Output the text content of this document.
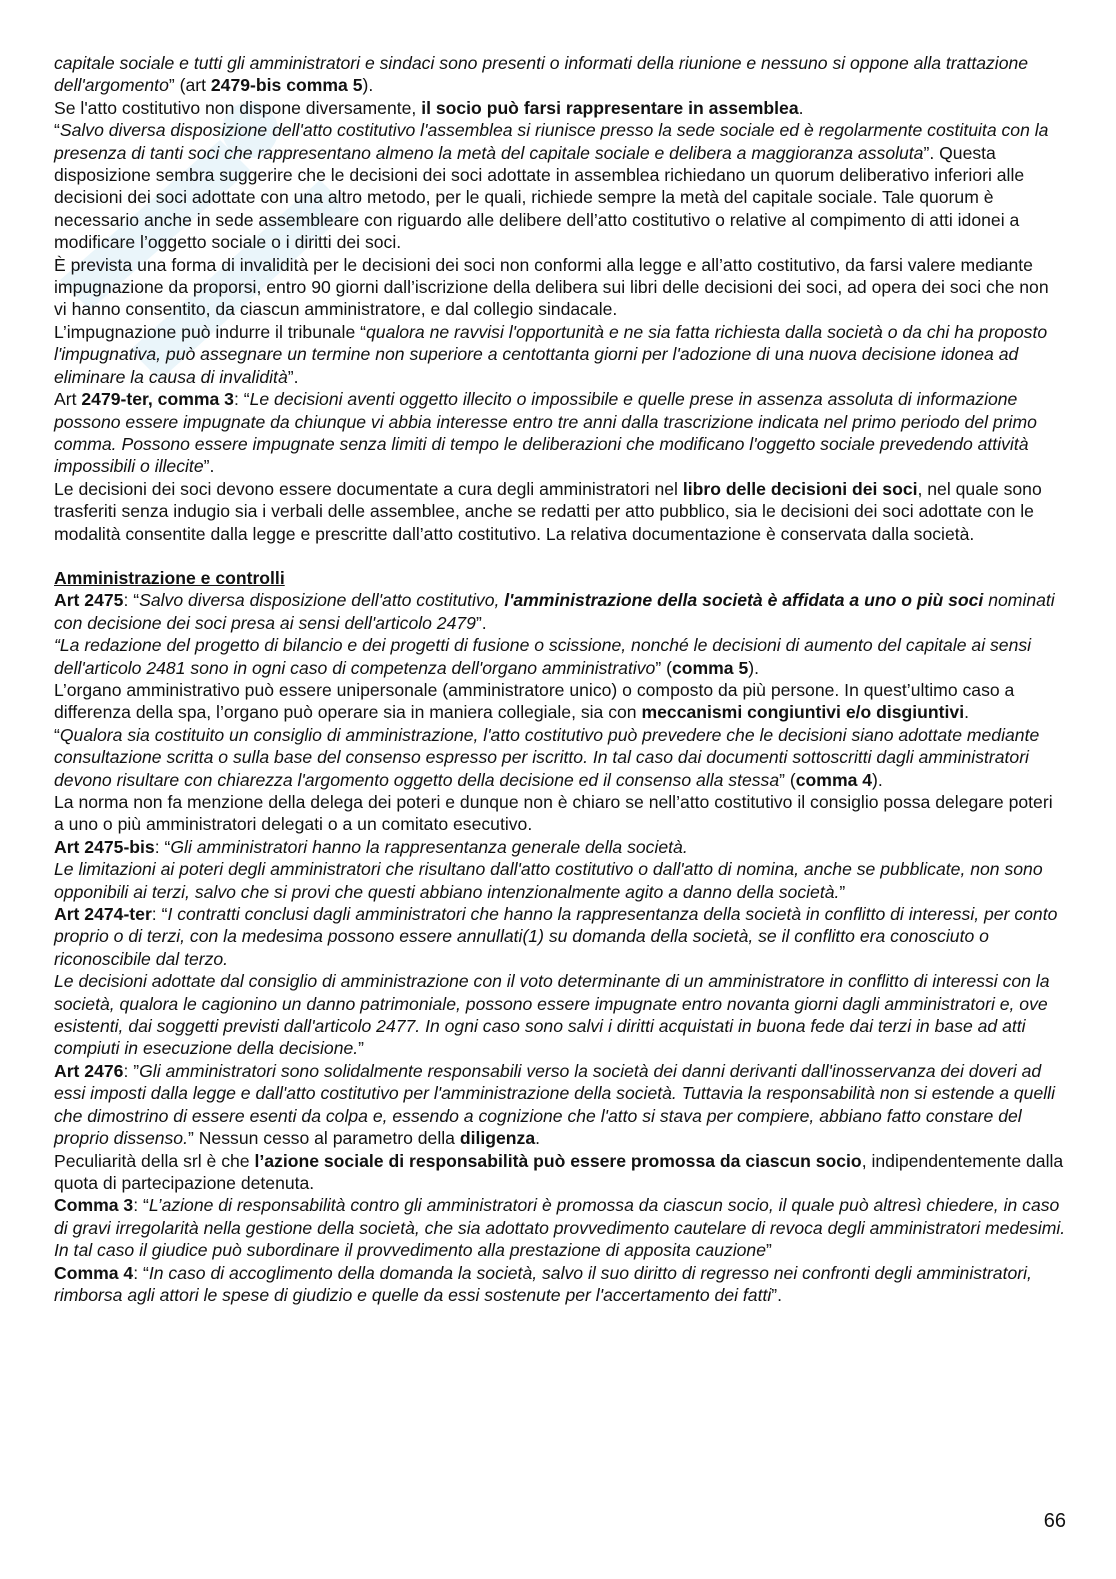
capitale sociale e tutti gli amministratori e sindaci sono presenti o informati della riunione e nessuno si oppone alla trattazione dell'argomento” (art 2479-bis comma 5).

Se l'atto costitutivo non dispone diversamente, il socio può farsi rappresentare in assemblea.

“Salvo diversa disposizione dell'atto costitutivo l'assemblea si riunisce presso la sede sociale ed è regolarmente costituita con la presenza di tanti soci che rappresentano almeno la metà del capitale sociale e delibera a maggioranza assoluta”. Questa disposizione sembra suggerire che le decisioni dei soci adottate in assemblea richiedano un quorum deliberativo inferiori alle decisioni dei soci adottate con una altro metodo, per le quali, richiede sempre la metà del capitale sociale. Tale quorum è necessario anche in sede assembleare con riguardo alle delibere dell’atto costitutivo o relative al compimento di atti idonei a modificare l’oggetto sociale o i diritti dei soci.

È prevista una forma di invalidità per le decisioni dei soci non conformi alla legge e all’atto costitutivo, da farsi valere mediante impugnazione da proporsi, entro 90 giorni dall’iscrizione della delibera sui libri delle decisioni dei soci, ad opera dei soci che non vi hanno consentito, da ciascun amministratore, e dal collegio sindacale.

L’impugnazione può indurre il tribunale “qualora ne ravvisi l'opportunità e ne sia fatta richiesta dalla società o da chi ha proposto l'impugnativa, può assegnare un termine non superiore a centottanta giorni per l'adozione di una nuova decisione idonea ad eliminare la causa di invalidità”.

Art 2479-ter, comma 3: “Le decisioni aventi oggetto illecito o impossibile e quelle prese in assenza assoluta di informazione possono essere impugnate da chiunque vi abbia interesse entro tre anni dalla trascrizione indicata nel primo periodo del primo comma. Possono essere impugnate senza limiti di tempo le deliberazioni che modificano l'oggetto sociale prevedendo attività impossibili o illecite”.

Le decisioni dei soci devono essere documentate a cura degli amministratori nel libro delle decisioni dei soci, nel quale sono trasferiti senza indugio sia i verbali delle assemblee, anche se redatti per atto pubblico, sia le decisioni dei soci adottate con le modalità consentite dalla legge e prescritte dall’atto costitutivo. La relativa documentazione è conservata dalla società.

Amministrazione e controlli

Art 2475: “Salvo diversa disposizione dell'atto costitutivo, l'amministrazione della società è affidata a uno o più soci nominati con decisione dei soci presa ai sensi dell'articolo 2479”.

“La redazione del progetto di bilancio e dei progetti di fusione o scissione, nonché le decisioni di aumento del capitale ai sensi dell'articolo 2481 sono in ogni caso di competenza dell'organo amministrativo” (comma 5).

L’organo amministrativo può essere unipersonale (amministratore unico) o composto da più persone. In quest’ultimo caso a differenza della spa, l’organo può operare sia in maniera collegiale, sia con meccanismi congiuntivi e/o disgiuntivi.

“Qualora sia costituito un consiglio di amministrazione, l'atto costitutivo può prevedere che le decisioni siano adottate mediante consultazione scritta o sulla base del consenso espresso per iscritto. In tal caso dai documenti sottoscritti dagli amministratori devono risultare con chiarezza l'argomento oggetto della decisione ed il consenso alla stessa” (comma 4).

La norma non fa menzione della delega dei poteri e dunque non è chiaro se nell’atto costitutivo il consiglio possa delegare poteri a uno o più amministratori delegati o a un comitato esecutivo.

Art 2475-bis: “Gli amministratori hanno la rappresentanza generale della società.

Le limitazioni ai poteri degli amministratori che risultano dall'atto costitutivo o dall'atto di nomina, anche se pubblicate, non sono opponibili ai terzi, salvo che si provi che questi abbiano intenzionalmente agito a danno della società.”

Art 2474-ter: “I contratti conclusi dagli amministratori che hanno la rappresentanza della società in conflitto di interessi, per conto proprio o di terzi, con la medesima possono essere annullati(1) su domanda della società, se il conflitto era conosciuto o riconoscibile dal terzo.

Le decisioni adottate dal consiglio di amministrazione con il voto determinante di un amministratore in conflitto di interessi con la società, qualora le cagionino un danno patrimoniale, possono essere impugnate entro novanta giorni dagli amministratori e, ove esistenti, dai soggetti previsti dall'articolo 2477. In ogni caso sono salvi i diritti acquistati in buona fede dai terzi in base ad atti compiuti in esecuzione della decisione.”

Art 2476: ”Gli amministratori sono solidalmente responsabili verso la società dei danni derivanti dall'inosservanza dei doveri ad essi imposti dalla legge e dall'atto costitutivo per l'amministrazione della società. Tuttavia la responsabilità non si estende a quelli che dimostrino di essere esenti da colpa e, essendo a cognizione che l'atto si stava per compiere, abbiano fatto constare del proprio dissenso.” Nessun cesso al parametro della diligenza.

Peculiarità della srl è che l’azione sociale di responsabilità può essere promossa da ciascun socio, indipendentemente dalla quota di partecipazione detenuta.

Comma 3: “L’azione di responsabilità contro gli amministratori è promossa da ciascun socio, il quale può altresì chiedere, in caso di gravi irregolarità nella gestione della società, che sia adottato provvedimento cautelare di revoca degli amministratori medesimi. In tal caso il giudice può subordinare il provvedimento alla prestazione di apposita cauzione”

Comma 4: “In caso di accoglimento della domanda la società, salvo il suo diritto di regresso nei confronti degli amministratori, rimborsa agli attori le spese di giudizio e quelle da essi sostenute per l'accertamento dei fatti”.

66
